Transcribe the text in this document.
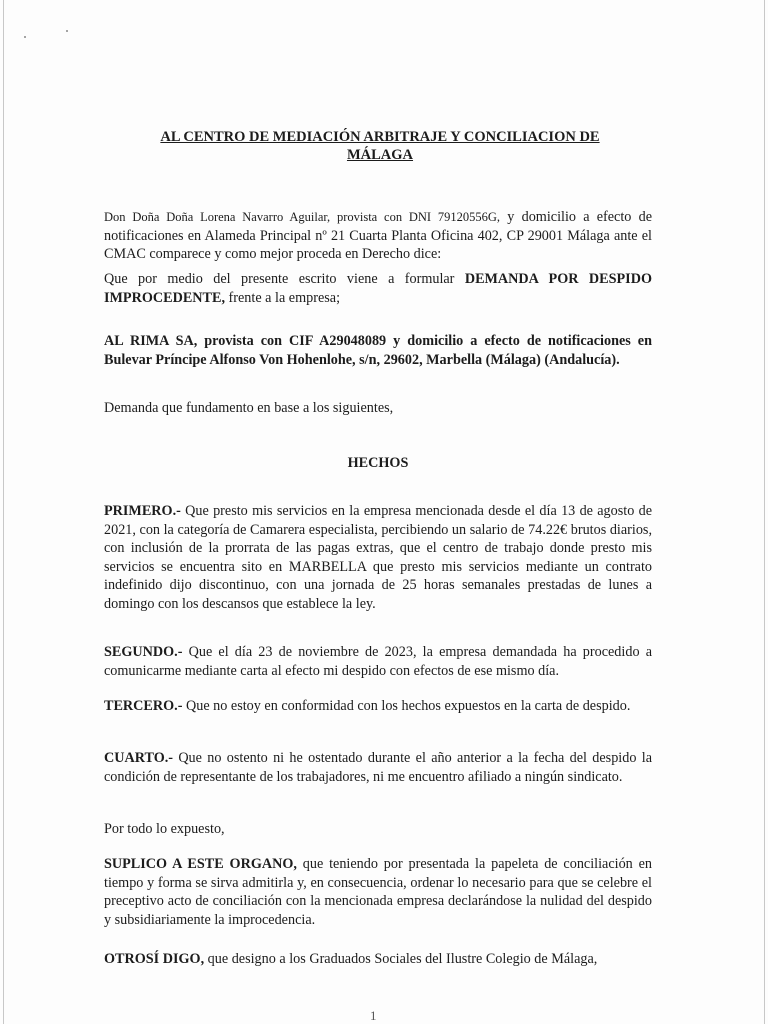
AL CENTRO DE MEDIACIÓN ARBITRAJE Y CONCILIACION DE
MÁLAGA
Don Doña Doña Lorena Navarro Aguilar, provista con DNI 79120556G, y domicilio a efecto de notificaciones en Alameda Principal nº 21 Cuarta Planta Oficina 402, CP 29001 Málaga ante el CMAC comparece y como mejor proceda en Derecho dice:
Que por medio del presente escrito viene a formular DEMANDA POR DESPIDO IMPROCEDENTE, frente a la empresa;
AL RIMA SA, provista con CIF A29048089 y domicilio a efecto de notificaciones en Bulevar Príncipe Alfonso Von Hohenlohe, s/n, 29602, Marbella (Málaga) (Andalucía).
Demanda que fundamento en base a los siguientes,
HECHOS
PRIMERO.- Que presto mis servicios en la empresa mencionada desde el día 13 de agosto de 2021, con la categoría de Camarera especialista, percibiendo un salario de 74.22€ brutos diarios, con inclusión de la prorrata de las pagas extras, que el centro de trabajo donde presto mis servicios se encuentra sito en MARBELLA que presto mis servicios mediante un contrato indefinido dijo discontinuo, con una jornada de 25 horas semanales prestadas de lunes a domingo con los descansos que establece la ley.
SEGUNDO.- Que el día 23 de noviembre de 2023, la empresa demandada ha procedido a comunicarme mediante carta al efecto mi despido con efectos de ese mismo día.
TERCERO.- Que no estoy en conformidad con los hechos expuestos en la carta de despido.
CUARTO.- Que no ostento ni he ostentado durante el año anterior a la fecha del despido la condición de representante de los trabajadores, ni me encuentro afiliado a ningún sindicato.
Por todo lo expuesto,
SUPLICO A ESTE ORGANO, que teniendo por presentada la papeleta de conciliación en tiempo y forma se sirva admitirla y, en consecuencia, ordenar lo necesario para que se celebre el preceptivo acto de conciliación con la mencionada empresa declarándose la nulidad del despido y subsidiariamente la improcedencia.
OTROSÍ DIGO, que designo a los Graduados Sociales del Ilustre Colegio de Málaga,
1
